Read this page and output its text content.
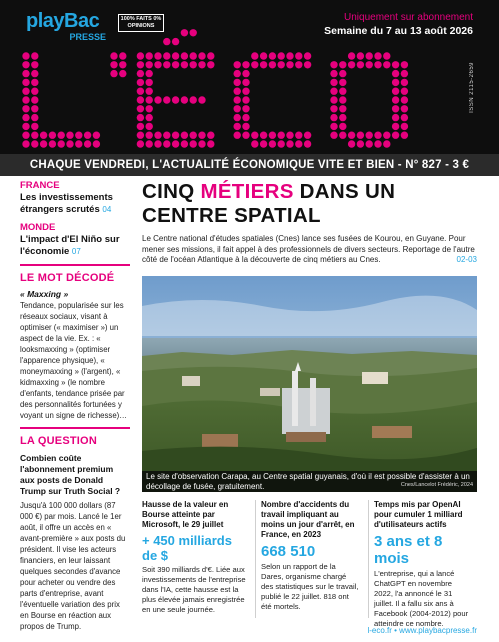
playBac
PRESSE
100% FAITS 0% OPINIONS
Uniquement sur abonnement
Semaine du 7 au 13 août 2026
ISSN 2115-2659
CHAQUE VENDREDI, L'ACTUALITÉ ÉCONOMIQUE VITE ET BIEN - N° 827 - 3 €
FRANCE
Les investissements étrangers scrutés 04
MONDE
L'impact d'El Niño sur l'économie 07
LE MOT DÉCODÉ
« Maxxing »
Tendance, popularisée sur les réseaux sociaux, visant à optimiser (« maximiser ») un aspect de la vie. Ex. : « looksmaxxing » (optimiser l'apparence physique), « moneymaxxing » (l'argent), « kidmaxxing » (le nombre d'enfants, tendance prisée par des personnalités fortunées y voyant un signe de richesse)…
LA QUESTION
Combien coûte l'abonnement premium aux posts de Donald Trump sur Truth Social ?
Jusqu'à 100 000 dollars (87 000 €) par mois. Lancé le 1er août, il offre un accès en « avant-première » aux posts du président. Il vise les acteurs financiers, en leur laissant quelques secondes d'avance pour acheter ou vendre des parts d'entreprise, avant l'éventuelle variation des prix en Bourse en réaction aux propos de Trump.
CINQ MÉTIERS DANS UN CENTRE SPATIAL
Le Centre national d'études spatiales (Cnes) lance ses fusées de Kourou, en Guyane. Pour mener ses missions, il fait appel à des professionnels de divers secteurs. Reportage de l'autre côté de l'océan Atlantique à la découverte de cinq métiers au Cnes.	02-03
Le site d'observation Carapa, au Centre spatial guyanais, d'où il est possible d'assister à un décollage de fusée, gratuitement.	Cnes/Lancelot Frédéric, 2024
Hausse de la valeur en Bourse atteinte par Microsoft, le 29 juillet
+ 450 milliards de $

Soit 390 milliards d'€. Liée aux investissements de l'entreprise dans l'IA, cette hausse est la plus élevée jamais enregistrée en une seule journée.

Nombre d'accidents du travail impliquant au moins un jour d'arrêt, en France, en 2023
668 510

Selon un rapport de la Dares, organisme chargé des statistiques sur le travail, publié le 22 juillet. 818 ont été mortels.

Temps mis par OpenAI pour cumuler 1 milliard d'utilisateurs actifs
3 ans et 8 mois

L'entreprise, qui a lancé ChatGPT en novembre 2022, l'a annoncé le 31 juillet. Il a fallu six ans à Facebook (2004-2012) pour atteindre ce nombre.

l-eco.fr • www.playbacpresse.fr
